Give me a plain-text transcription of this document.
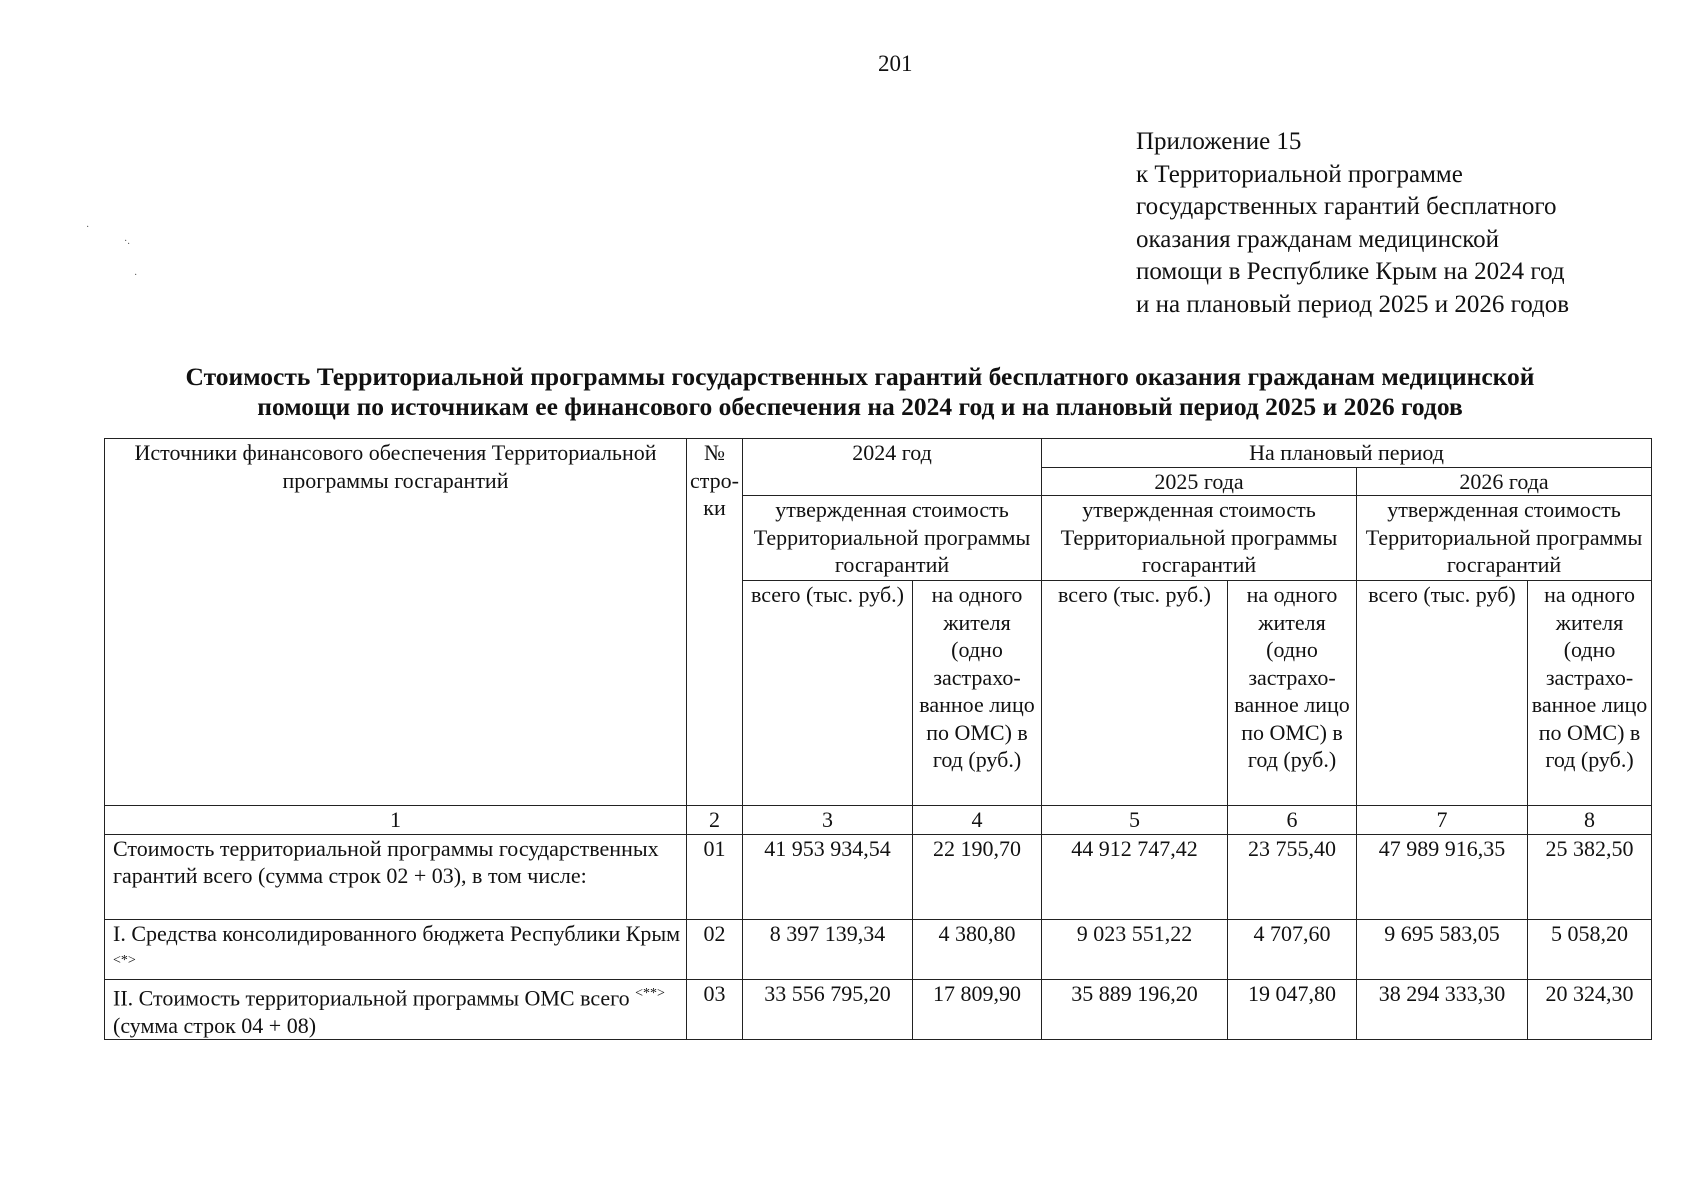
201
·.
·
·
Приложение 15
к Территориальной программе
государственных гарантий бесплатного
оказания гражданам медицинской
помощи в Республике Крым на 2024 год
и на плановый период 2025 и 2026 годов
Стоимость Территориальной программы государственных гарантий бесплатного оказания гражданам медицинской
помощи по источникам ее финансового обеспечения на 2024 год и на плановый период 2025 и 2026 годов
Источники финансового обеспечения Территориальной программы госгарантий	№ стро-ки	2024 год		На плановый период			
				2025 года		2026 года	
		утвержденная стоимость Территориальной программы госгарантий		утвержденная стоимость Территориальной программы госгарантий		утвержденная стоимость Территориальной программы госгарантий	
		всего (тыс. руб.)	на одного жителя (одно застрахо-ванное лицо по ОМС) в год (руб.)	всего (тыс. руб.)	на одного жителя (одно застрахо-ванное лицо по ОМС) в год (руб.)	всего (тыс. руб)	на одного жителя (одно застрахо-ванное лицо по ОМС) в год (руб.)
1	2	3	4	5	6	7	8
Стоимость территориальной программы государственных гарантий всего (сумма строк 02 + 03), в том числе:	01	41 953 934,54	22 190,70	44 912 747,42	23 755,40	47 989 916,35	25 382,50
I. Средства консолидированного бюджета Республики Крым <*>	02	8 397 139,34	4 380,80	9 023 551,22	4 707,60	9 695 583,05	5 058,20
II. Стоимость территориальной программы ОМС всего <**> (сумма строк 04 + 08)	03	33 556 795,20	17 809,90	35 889 196,20	19 047,80	38 294 333,30	20 324,30
